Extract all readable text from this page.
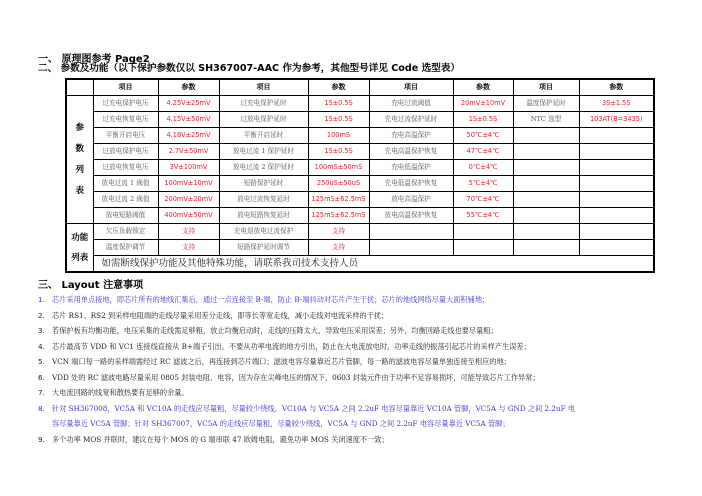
一、 原理图参考 Page2
二、 参数及功能（以下保护参数仅以 SH367007-AAC 作为参考，其他型号详见 Code 选型表）
	项目	参数	项目	参数	项目	参数	项目	参数
参数列表	过充电保护电压	4.25V±25mV	过充电保护延时	1S±0.5S	充电过流阈值	20mV±10mV	温度保护延时	3S±1.5S
	过充电恢复电压	4.15V±50mV	过放电保护延时	1S±0.5S	充电过流保护延时	1S±0.5S	NTC 选型	103AT(B=3435)
	平衡开启电压	4.18V±25mV	平衡开启延时	100mS	充电高温保护	50℃±4℃		
	过放电保护电压	2.7V±50mV	放电过流 1 保护延时	1S±0.5S	充电高温保护恢复	47℃±4℃		
	过放电恢复电压	3V±100mV	放电过流 2 保护延时	100mS±50mS	充电低温保护	0℃±4℃		
	放电过流 1 阈值	100mV±10mV	短路保护延时	250uS±50uS	充电低温保护恢复	5℃±4℃		
	放电过流 2 阈值	200mV±20mV	放电过流恢复延时	125mS±62.5mS	放电高温保护	70℃±4℃		
	放电短路阈值	400mV±50mV	放电短路恢复延时	125mS±62.5mS	放电高温保护恢复	55℃±4℃		
功能列表	欠压负载锁定	支持	充电退放电过流保护	支持				
	温度保护调节	支持	短路保护延时调节	支持				
	如需断线保护功能及其他特殊功能，请联系我司技术支持人员							
三、 Layout 注意事项
1. 芯片采用单点接地，即芯片所有的地线汇集后，通过一点连接至 B-端，防止 B-端抖动对芯片产生干扰；芯片的地线网络尽量大面积铺地；
2. 芯片 RS1、RS2 到采样电阻端的走线尽量采用差分走线，即等长等宽走线，减小走线对电流采样的干扰；
3. 若保护板有均衡功能，电压采集的走线需足够粗，放止均衡启动时，走线的压降太大，导致电压采用误差；另外，均衡回路走线也要尽量粗；
4. 芯片最高节 VDD 和 VC1 连接线直接从 B+端子引出，不要从功率电流的地方引出，防止在大电流放电时，功率走线的振荡引起芯片的采样产生误差；
5. VCN 端口每一路的采样端需经过 RC 滤波之后，再连接到芯片端口；滤波电容尽量靠近芯片管脚，每一路的滤波电容尽量单独连接至相应的地；
6. VDD 处的 RC 滤波电路尽量采用 0805 封装电阻、电容，因为存在尖峰电压的情况下，0603 封装元件由于功率不足容易损坏，可能导致芯片工作异常；
7. 大电流回路的线宽和散热要有足够的余量。
8. 针对 SH367008，VC5A 和 VC10A 的走线应尽量粗，尽量较少绕线，VC10A 与 VC5A 之间 2.2uF 电容尽量靠近 VC10A 管脚，VC5A 与 GND 之间 2.2uF 电
容尽量靠近 VC5A 管脚；针对 SH367007，VC5A 的走线应尽量粗，尽量较少绕线，VC5A 与 GND 之间 2.2uF 电容尽量靠近 VC5A 管脚；
9. 多个功率 MOS 并联时，建议在每个 MOS 的 G 端串联 47 欧姆电阻，避免功率 MOS 关闭速度不一致；
